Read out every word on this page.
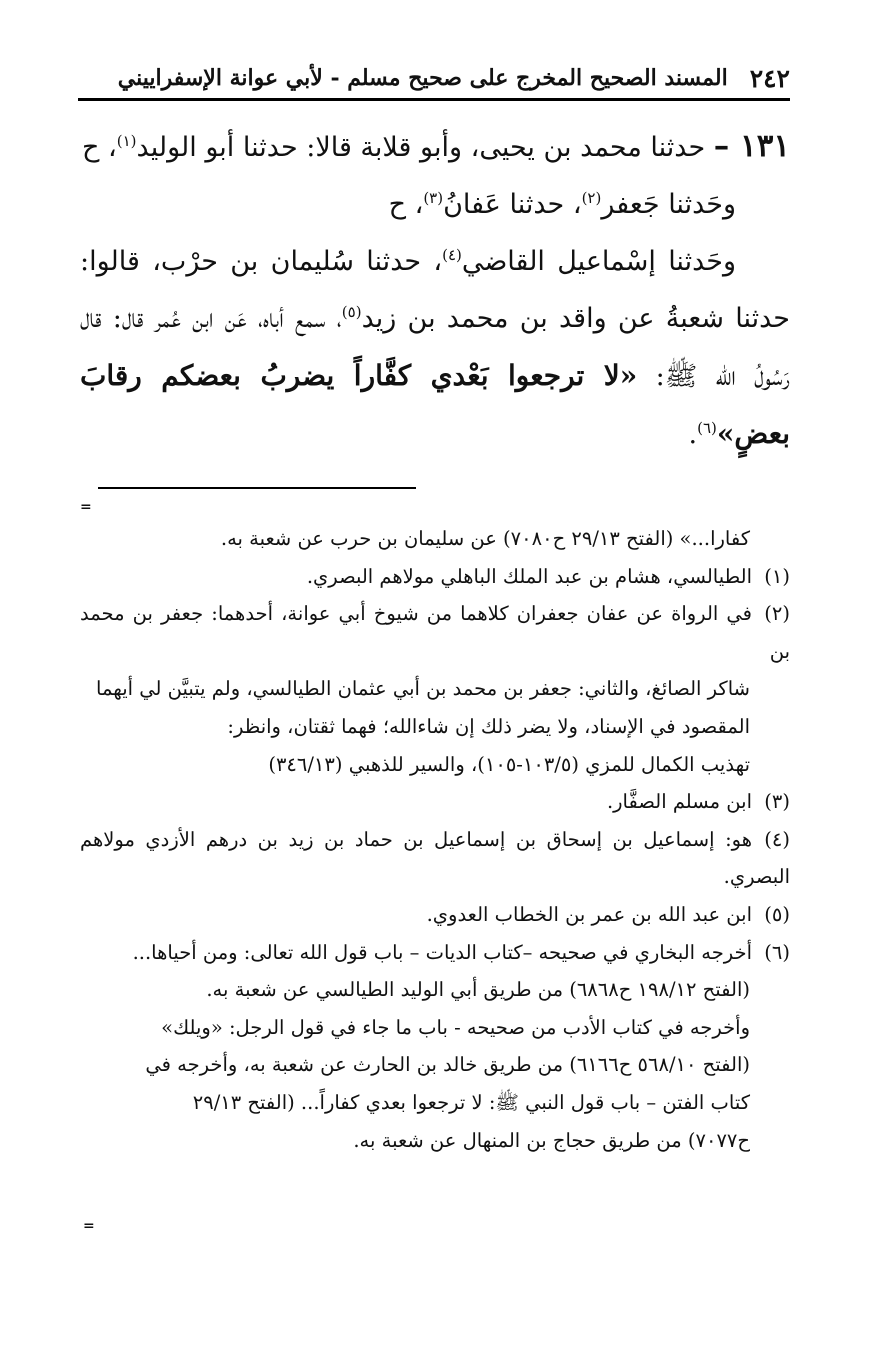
٢٤٢
المسند الصحيح المخرج على صحيح مسلم - لأبي عوانة الإسفراييني

١٣١ – حدثنا محمد بن يحيى، وأبو قلابة قالا: حدثنا أبو الوليد$^{(١)}$، ح

وحَدثنا جَعفر$^{(٢)}$، حدثنا عَفانُ$^{(٣)}$، ح

وحَدثنا إسْماعيل القاضي$^{(٤)}$، حدثنا سُليمان بن حرْب، قالوا: حدثنا شعبةُ عن واقد بن محمد بن زيد$^{(٥)}$، سمع أباه، عَن ابن عُمر قال: قال رَسُولُ الله ﷺ: «لا ترجعوا بَعْدي كفَّاراً يضربُ بعضكم رقابَ بعضٍ»$^{(٦)}$.

=

كفارا...» (الفتح ٢٩/١٣ ح٧٠٨٠) عن سليمان بن حرب عن شعبة به.

(١)الطيالسي، هشام بن عبد الملك الباهلي مولاهم البصري.

(٢)في الرواة عن عفان جعفران كلاهما من شيوخ أبي عوانة، أحدهما: جعفر بن محمد بن

شاكر الصائغ، والثاني: جعفر بن محمد بن أبي عثمان الطيالسي، ولم يتبيَّن لي أيهما

المقصود في الإسناد، ولا يضر ذلك إن شاءالله؛ فهما ثقتان، وانظر:

تهذيب الكمال للمزي (١٠٣/٥-١٠٥)، والسير للذهبي (٣٤٦/١٣)

(٣)ابن مسلم الصفَّار.

(٤)هو: إسماعيل بن إسحاق بن إسماعيل بن حماد بن زيد بن درهم الأزدي مولاهم البصري.

(٥)ابن عبد الله بن عمر بن الخطاب العدوي.

(٦)أخرجه البخاري في صحيحه –كتاب الديات – باب قول الله تعالى: ومن أحياها...

(الفتح ١٩٨/١٢ ح٦٨٦٨) من طريق أبي الوليد الطيالسي عن شعبة به.

وأخرجه في كتاب الأدب من صحيحه - باب ما جاء في قول الرجل: «ويلك»

(الفتح ٥٦٨/١٠ ح٦١٦٦) من طريق خالد بن الحارث عن شعبة به، وأخرجه في

كتاب الفتن – باب قول النبي ﷺ: لا ترجعوا بعدي كفاراً... (الفتح ٢٩/١٣

ح٧٠٧٧) من طريق حجاج بن المنهال عن شعبة به.

=
